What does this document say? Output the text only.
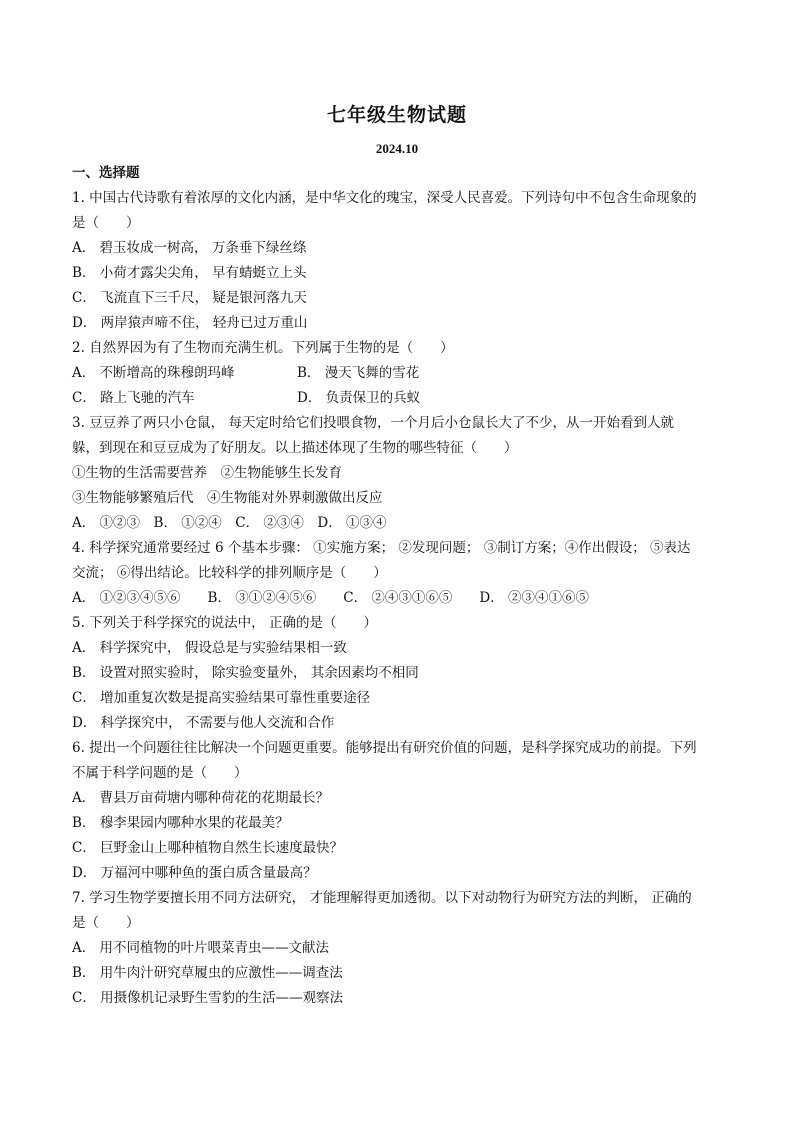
七年级生物试题
2024.10
一、选择题
1. 中国古代诗歌有着浓厚的文化内涵，是中华文化的瑰宝，深受人民喜爱。下列诗句中不包含生命现象的
是（　　）
A． 碧玉妆成一树高， 万条垂下绿丝绦
B． 小荷才露尖尖角， 早有蜻蜓立上头
C． 飞流直下三千尺， 疑是银河落九天
D． 两岸猿声啼不住， 轻舟已过万重山
2. 自然界因为有了生物而充满生机。下列属于生物的是（　　）
A． 不断增高的珠穆朗玛峰	B． 漫天飞舞的雪花
C． 路上飞驰的汽车	D． 负责保卫的兵蚁
3. 豆豆养了两只小仓鼠， 每天定时给它们投喂食物，一个月后小仓鼠长大了不少，从一开始看到人就
躲，到现在和豆豆成为了好朋友。以上描述体现了生物的哪些特征（　　）
①生物的生活需要营养　②生物能够生长发育
③生物能够繁殖后代　④生物能对外界刺激做出反应
A． ①②③　B． ①②④　C． ②③④　D． ①③④
4. 科学探究通常要经过 6 个基本步骤： ①实施方案； ②发现问题； ③制订方案；④作出假设； ⑤表达
交流； ⑥得出结论。比较科学的排列顺序是（　　）
A． ①②③④⑤⑥　　B． ③①②④⑤⑥　　C． ②④③①⑥⑤　　D． ②③④①⑥⑤
5. 下列关于科学探究的说法中， 正确的是（　　）
A． 科学探究中， 假设总是与实验结果相一致
B． 设置对照实验时， 除实验变量外， 其余因素均不相同
C． 增加重复次数是提高实验结果可靠性重要途径
D． 科学探究中， 不需要与他人交流和合作
6. 提出一个问题往往比解决一个问题更重要。能够提出有研究价值的问题，是科学探究成功的前提。下列
不属于科学问题的是（　　）
A． 曹县万亩荷塘内哪种荷花的花期最长？
B． 穆李果园内哪种水果的花最美？
C． 巨野金山上哪种植物自然生长速度最快？
D． 万福河中哪种鱼的蛋白质含量最高？
7. 学习生物学要擅长用不同方法研究， 才能理解得更加透彻。以下对动物行为研究方法的判断， 正确的
是（　　）
A． 用不同植物的叶片喂菜青虫——文献法
B． 用牛肉汁研究草履虫的应激性——调查法
C． 用摄像机记录野生雪豹的生活——观察法
